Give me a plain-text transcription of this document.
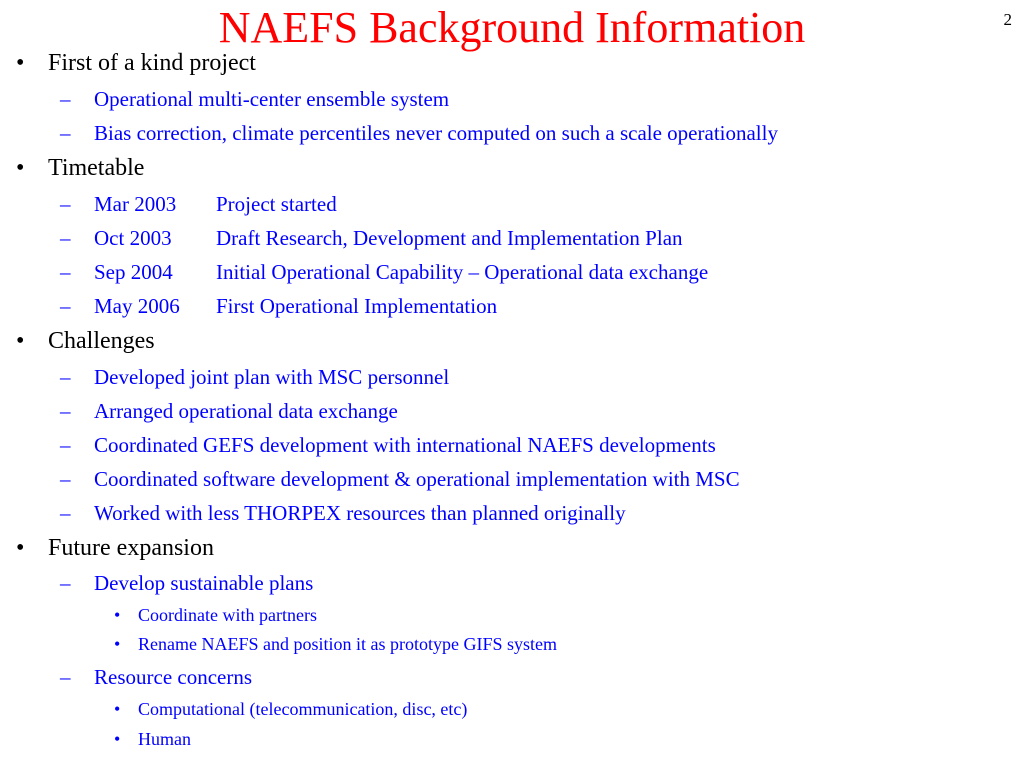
NAEFS Background Information	2
• First of a kind project
– Operational multi-center ensemble system
– Bias correction, climate percentiles never computed on such a scale operationally
• Timetable
– Mar 2003 Project started
– Oct 2003 Draft Research, Development and Implementation Plan
– Sep 2004 Initial Operational Capability – Operational data exchange
– May 2006 First Operational Implementation
• Challenges
– Developed joint plan with MSC personnel
– Arranged operational data exchange
– Coordinated GEFS development with international NAEFS developments
– Coordinated software development & operational implementation with MSC
– Worked with less THORPEX resources than planned originally
• Future expansion
– Develop sustainable plans
• Coordinate with partners
• Rename NAEFS and position it as prototype GIFS system
– Resource concerns
• Computational (telecommunication, disc, etc)
• Human
